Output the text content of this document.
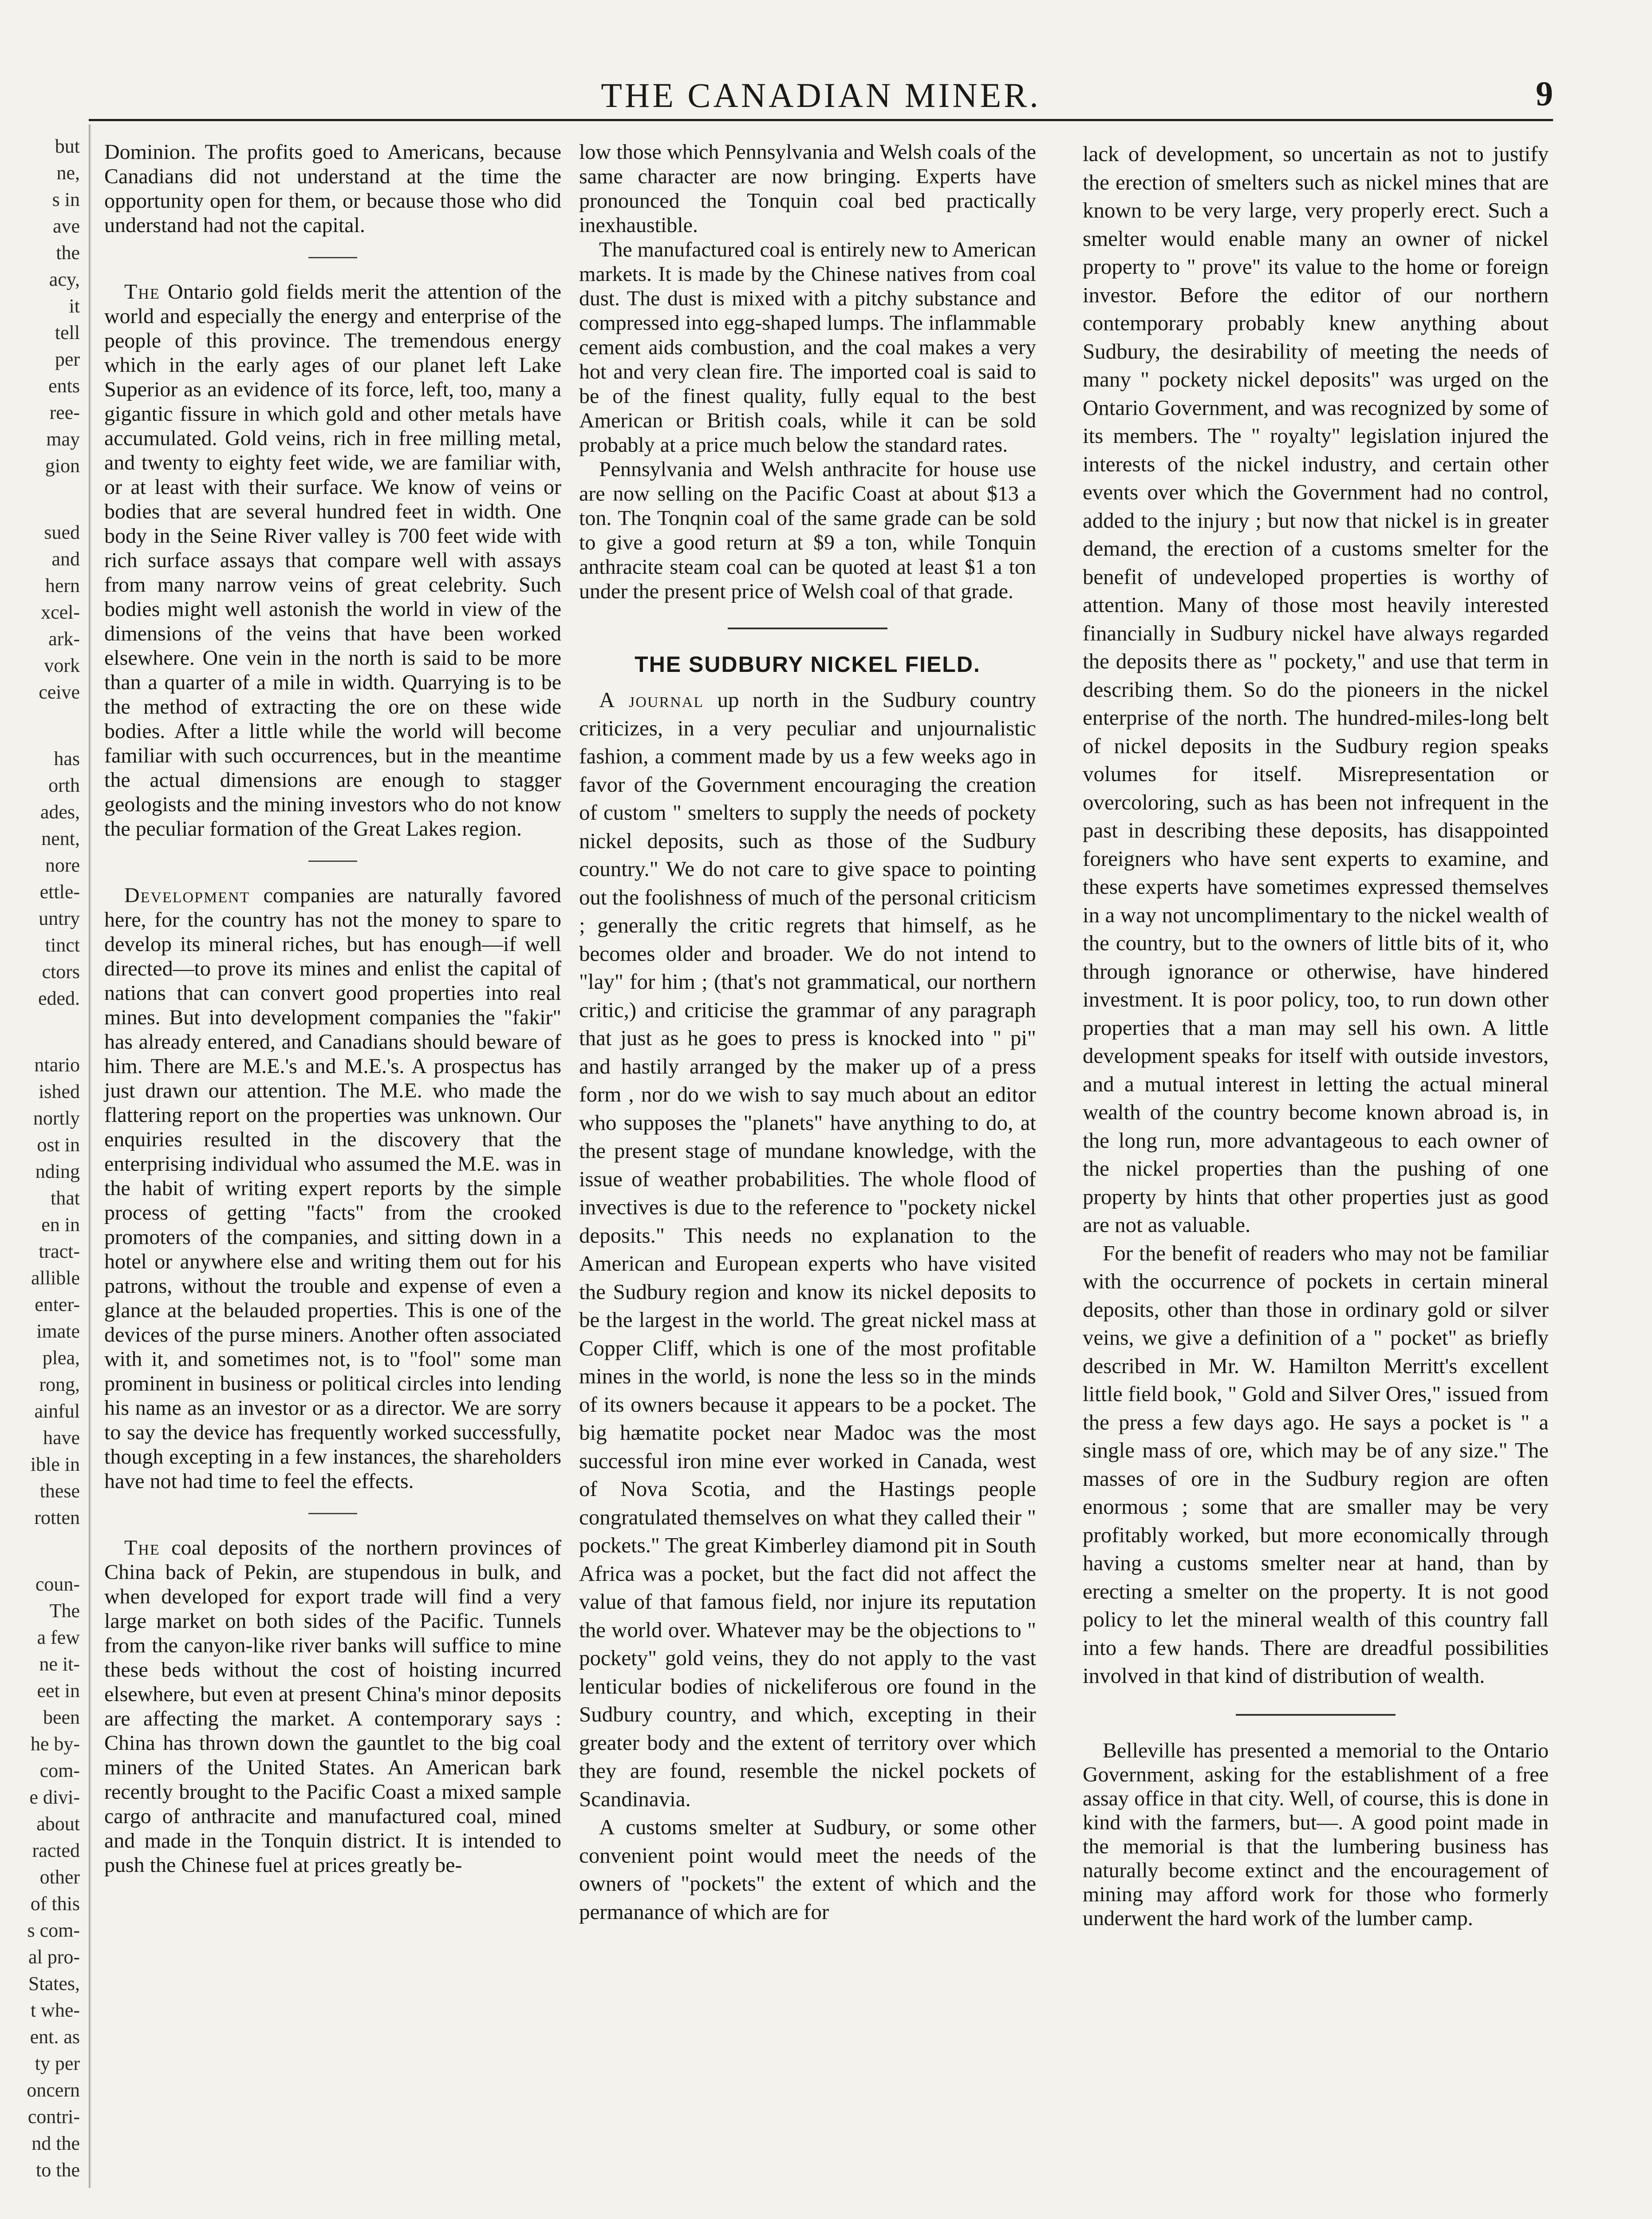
THE CANADIAN MINER.	9
but
ne,
s in
ave
the
acy,
it
tell
per
ents
ree-
may
gion
sued
and
hern
xcel-
ark-
vork
ceive
has
orth
ades,
nent,
nore
ettle-
untry
tinct
ctors
eded.
ntario
ished
nortly
ost in
nding
that
en in
tract-
allible
enter-
imate
plea,
rong,
ainful
have
ible in
these
rotten
coun-
The
a few
ne it-
eet in
been
he by-
com-
e divi-
about
racted
other
of this
s com-
al pro-
States,
t whe-
ent. as
ty per
oncern
contri-
nd the
to the

Dominion. The profits goed to Americans, because Canadians did not understand at the time the opportunity open for them, or because those who did understand had not the capital.

The Ontario gold fields merit the attention of the world and especially the energy and enterprise of the people of this province. The tremendous energy which in the early ages of our planet left Lake Superior as an evidence of its force, left, too, many a gigantic fissure in which gold and other metals have accumulated. Gold veins, rich in free milling metal, and twenty to eighty feet wide, we are familiar with, or at least with their surface. We know of veins or bodies that are several hundred feet in width. One body in the Seine River valley is 700 feet wide with rich surface assays that compare well with assays from many narrow veins of great celebrity. Such bodies might well astonish the world in view of the dimensions of the veins that have been worked elsewhere. One vein in the north is said to be more than a quarter of a mile in width. Quarrying is to be the method of extracting the ore on these wide bodies. After a little while the world will become familiar with such occurrences, but in the meantime the actual dimensions are enough to stagger geologists and the mining investors who do not know the peculiar formation of the Great Lakes region.

Development companies are naturally favored here, for the country has not the money to spare to develop its mineral riches, but has enough—if well directed—to prove its mines and enlist the capital of nations that can convert good properties into real mines. But into development companies the "fakir" has already entered, and Canadians should beware of him. There are M.E.'s and M.E.'s. A prospectus has just drawn our attention. The M.E. who made the flattering report on the properties was unknown. Our enquiries resulted in the discovery that the enterprising individual who assumed the M.E. was in the habit of writing expert reports by the simple process of getting "facts" from the crooked promoters of the companies, and sitting down in a hotel or anywhere else and writing them out for his patrons, without the trouble and expense of even a glance at the belauded properties. This is one of the devices of the purse miners. Another often associated with it, and sometimes not, is to "fool" some man prominent in business or political circles into lending his name as an investor or as a director. We are sorry to say the device has frequently worked successfully, though excepting in a few instances, the shareholders have not had time to feel the effects.

The coal deposits of the northern provinces of China back of Pekin, are stupendous in bulk, and when developed for export trade will find a very large market on both sides of the Pacific. Tunnels from the canyon-like river banks will suffice to mine these beds without the cost of hoisting incurred elsewhere, but even at present China's minor deposits are affecting the market. A contemporary says : China has thrown down the gauntlet to the big coal miners of the United States. An American bark recently brought to the Pacific Coast a mixed sample cargo of anthracite and manufactured coal, mined and made in the Tonquin district. It is intended to push the Chinese fuel at prices greatly be-

low those which Pennsylvania and Welsh coals of the same character are now bringing. Experts have pronounced the Tonquin coal bed practically inexhaustible.

The manufactured coal is entirely new to American markets. It is made by the Chinese natives from coal dust. The dust is mixed with a pitchy substance and compressed into egg-shaped lumps. The inflammable cement aids combustion, and the coal makes a very hot and very clean fire. The imported coal is said to be of the finest quality, fully equal to the best American or British coals, while it can be sold probably at a price much below the standard rates.

Pennsylvania and Welsh anthracite for house use are now selling on the Pacific Coast at about $13 a ton. The Tonqnin coal of the same grade can be sold to give a good return at $9 a ton, while Tonquin anthracite steam coal can be quoted at least $1 a ton under the present price of Welsh coal of that grade.

THE SUDBURY NICKEL FIELD.

A journal up north in the Sudbury country criticizes, in a very peculiar and unjournalistic fashion, a comment made by us a few weeks ago in favor of the Government encouraging the creation of custom " smelters to supply the needs of pockety nickel deposits, such as those of the Sudbury country." We do not care to give space to pointing out the foolishness of much of the personal criticism ; generally the critic regrets that himself, as he becomes older and broader. We do not intend to "lay" for him ; (that's not grammatical, our northern critic,) and criticise the grammar of any paragraph that just as he goes to press is knocked into " pi" and hastily arranged by the maker up of a press form , nor do we wish to say much about an editor who supposes the "planets" have anything to do, at the present stage of mundane knowledge, with the issue of weather probabilities. The whole flood of invectives is due to the reference to "pockety nickel deposits." This needs no explanation to the American and European experts who have visited the Sudbury region and know its nickel deposits to be the largest in the world. The great nickel mass at Copper Cliff, which is one of the most profitable mines in the world, is none the less so in the minds of its owners because it appears to be a pocket. The big hæmatite pocket near Madoc was the most successful iron mine ever worked in Canada, west of Nova Scotia, and the Hastings people congratulated themselves on what they called their " pockets." The great Kimberley diamond pit in South Africa was a pocket, but the fact did not affect the value of that famous field, nor injure its reputation the world over. Whatever may be the objections to " pockety" gold veins, they do not apply to the vast lenticular bodies of nickeliferous ore found in the Sudbury country, and which, excepting in their greater body and the extent of territory over which they are found, resemble the nickel pockets of Scandinavia.

A customs smelter at Sudbury, or some other convenient point would meet the needs of the owners of "pockets" the extent of which and the permanance of which are for

lack of development, so uncertain as not to justify the erection of smelters such as nickel mines that are known to be very large, very properly erect. Such a smelter would enable many an owner of nickel property to " prove" its value to the home or foreign investor. Before the editor of our northern contemporary probably knew anything about Sudbury, the desirability of meeting the needs of many " pockety nickel deposits" was urged on the Ontario Government, and was recognized by some of its members. The " royalty" legislation injured the interests of the nickel industry, and certain other events over which the Government had no control, added to the injury ; but now that nickel is in greater demand, the erection of a customs smelter for the benefit of undeveloped properties is worthy of attention. Many of those most heavily interested financially in Sudbury nickel have always regarded the deposits there as " pockety," and use that term in describing them. So do the pioneers in the nickel enterprise of the north. The hundred-miles-long belt of nickel deposits in the Sudbury region speaks volumes for itself. Misrepresentation or overcoloring, such as has been not infrequent in the past in describing these deposits, has disappointed foreigners who have sent experts to examine, and these experts have sometimes expressed themselves in a way not uncomplimentary to the nickel wealth of the country, but to the owners of little bits of it, who through ignorance or otherwise, have hindered investment. It is poor policy, too, to run down other properties that a man may sell his own. A little development speaks for itself with outside investors, and a mutual interest in letting the actual mineral wealth of the country become known abroad is, in the long run, more advantageous to each owner of the nickel properties than the pushing of one property by hints that other properties just as good are not as valuable.

For the benefit of readers who may not be familiar with the occurrence of pockets in certain mineral deposits, other than those in ordinary gold or silver veins, we give a definition of a " pocket" as briefly described in Mr. W. Hamilton Merritt's excellent little field book, " Gold and Silver Ores," issued from the press a few days ago. He says a pocket is " a single mass of ore, which may be of any size." The masses of ore in the Sudbury region are often enormous ; some that are smaller may be very profitably worked, but more economically through having a customs smelter near at hand, than by erecting a smelter on the property. It is not good policy to let the mineral wealth of this country fall into a few hands. There are dreadful possibilities involved in that kind of distribution of wealth.

Belleville has presented a memorial to the Ontario Government, asking for the establishment of a free assay office in that city. Well, of course, this is done in kind with the farmers, but—. A good point made in the memorial is that the lumbering business has naturally become extinct and the encouragement of mining may afford work for those who formerly underwent the hard work of the lumber camp.
